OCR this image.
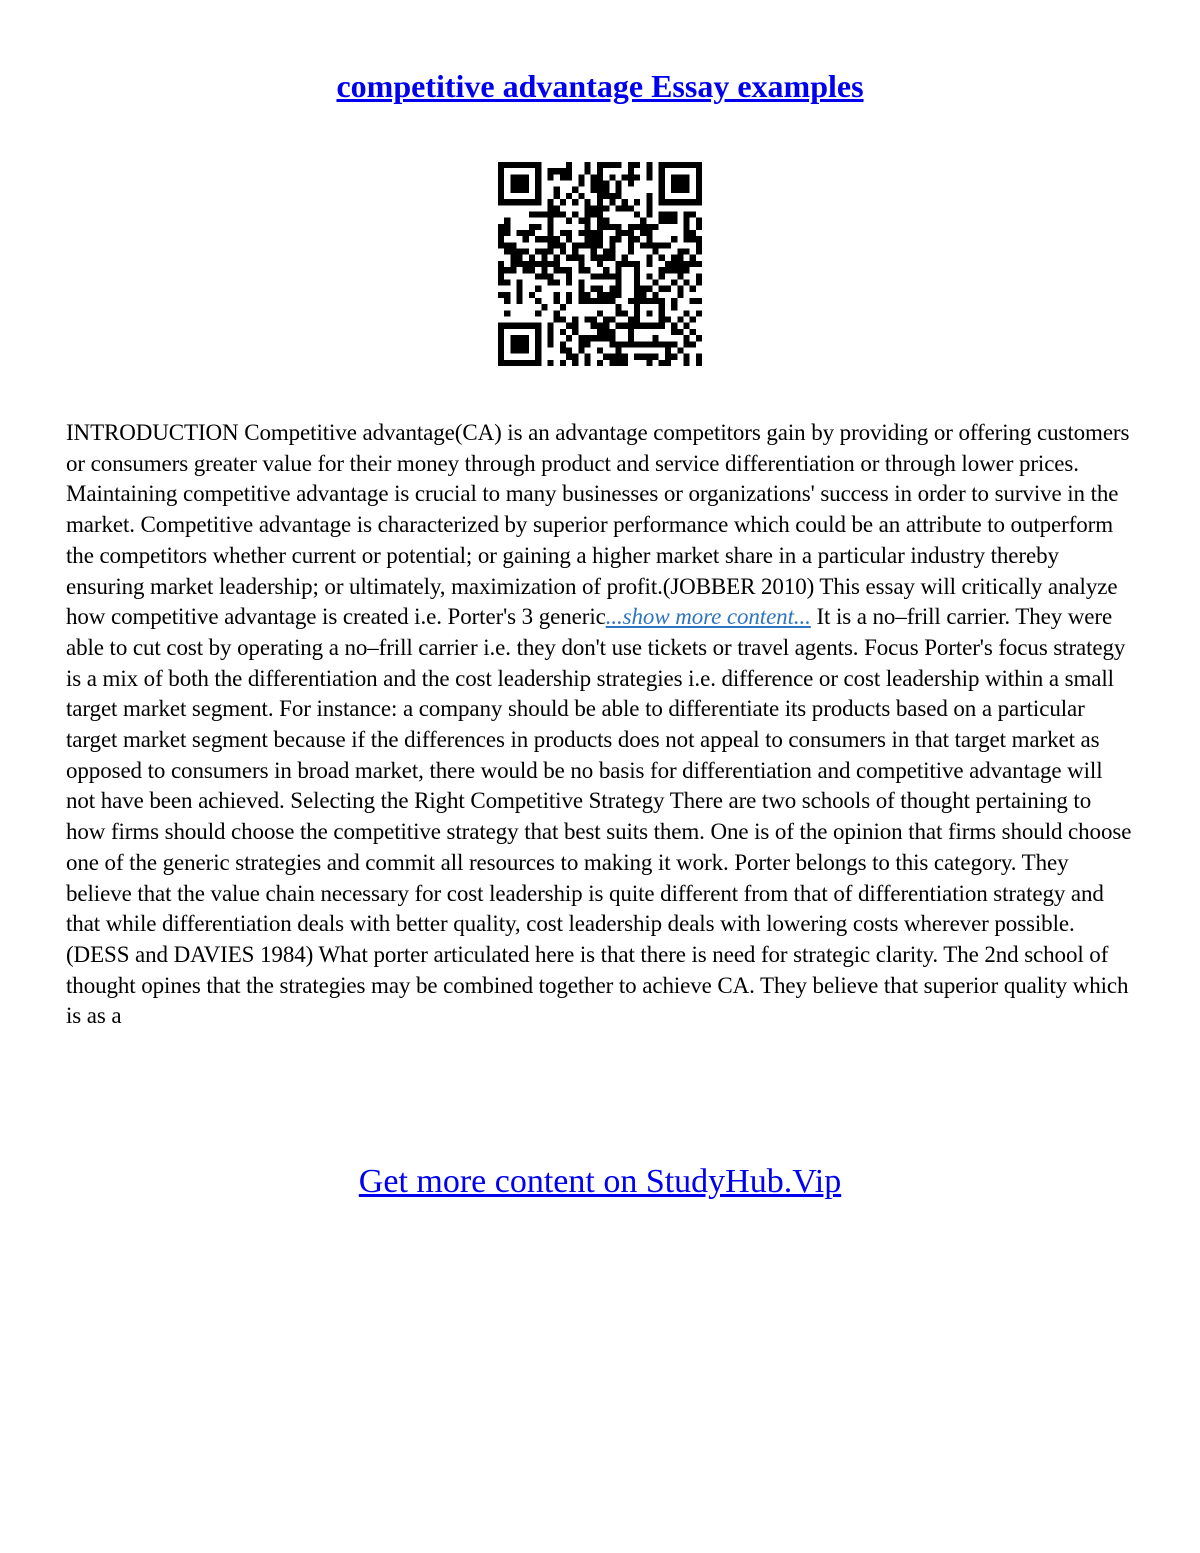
competitive advantage Essay examples

INTRODUCTION Competitive advantage(CA) is an advantage competitors gain by providing or offering customers or consumers greater value for their money through product and service differentiation or through lower prices. Maintaining competitive advantage is crucial to many businesses or organizations' success in order to survive in the market. Competitive advantage is characterized by superior performance which could be an attribute to outperform the competitors whether current or potential; or gaining a higher market share in a particular industry thereby ensuring market leadership; or ultimately, maximization of profit.(JOBBER 2010) This essay will critically analyze how competitive advantage is created i.e. Porter's 3 generic...show more content... It is a no–frill carrier. They were able to cut cost by operating a no–frill carrier i.e. they don't use tickets or travel agents. Focus Porter's focus strategy is a mix of both the differentiation and the cost leadership strategies i.e. difference or cost leadership within a small target market segment. For instance: a company should be able to differentiate its products based on a particular target market segment because if the differences in products does not appeal to consumers in that target market as opposed to consumers in broad market, there would be no basis for differentiation and competitive advantage will not have been achieved. Selecting the Right Competitive Strategy There are two schools of thought pertaining to how firms should choose the competitive strategy that best suits them. One is of the opinion that firms should choose one of the generic strategies and commit all resources to making it work. Porter belongs to this category. They believe that the value chain necessary for cost leadership is quite different from that of differentiation strategy and that while differentiation deals with better quality, cost leadership deals with lowering costs wherever possible.(DESS and DAVIES 1984) What porter articulated here is that there is need for strategic clarity. The 2nd school of thought opines that the strategies may be combined together to achieve CA. They believe that superior quality which is as a

Get more content on StudyHub.Vip
